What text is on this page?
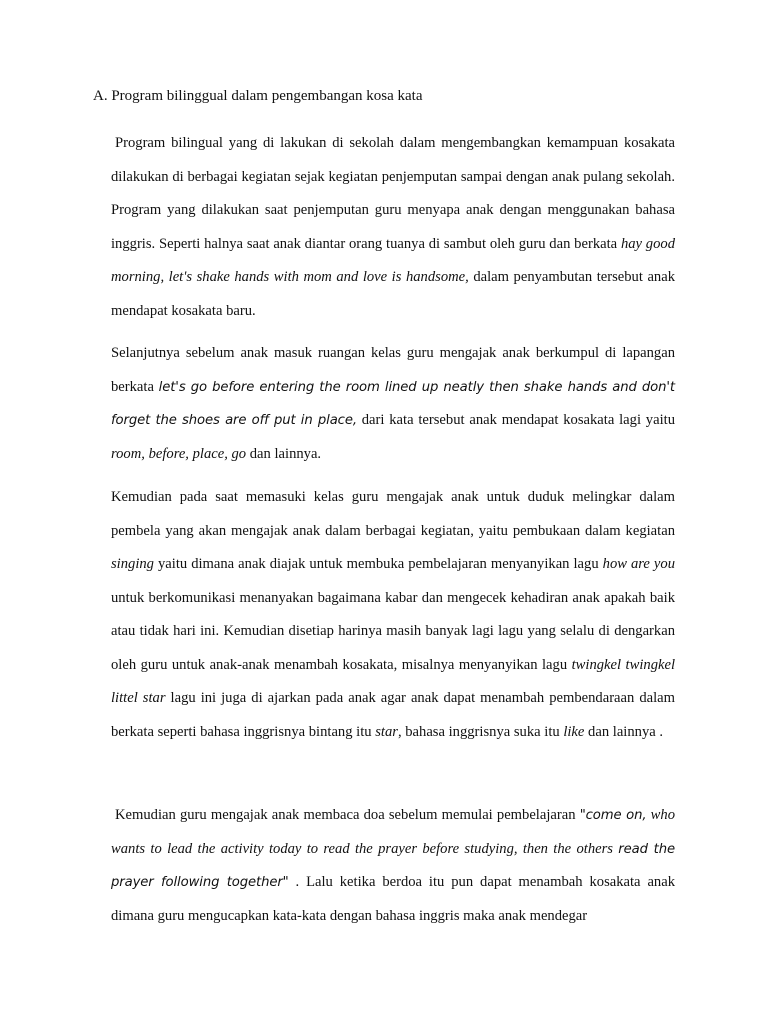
A. Program bilinggual dalam pengembangan kosa kata

Program bilingual yang di lakukan di sekolah dalam mengembangkan kemampuan kosakata dilakukan di berbagai kegiatan sejak kegiatan penjemputan sampai dengan anak pulang sekolah. Program yang dilakukan saat penjemputan guru menyapa anak dengan menggunakan bahasa inggris. Seperti halnya saat anak diantar orang tuanya di sambut oleh guru dan berkata hay good morning, let's shake hands with mom and love is handsome, dalam penyambutan tersebut anak mendapat kosakata baru.

Selanjutnya sebelum anak masuk ruangan kelas guru mengajak anak berkumpul di lapangan berkata let's go before entering the room lined up neatly then shake hands and don't forget the shoes are off put in place, dari kata tersebut anak mendapat kosakata lagi yaitu room, before, place, go dan lainnya.

Kemudian pada saat memasuki kelas guru mengajak anak untuk duduk melingkar dalam pembela yang akan mengajak anak dalam berbagai kegiatan, yaitu pembukaan dalam kegiatan singing yaitu dimana anak diajak untuk membuka pembelajaran menyanyikan lagu how are you untuk berkomunikasi menanyakan bagaimana kabar dan mengecek kehadiran anak apakah baik atau tidak hari ini. Kemudian disetiap harinya masih banyak lagi lagu yang selalu di dengarkan oleh guru untuk anak-anak menambah kosakata, misalnya menyanyikan lagu twingkel twingkel littel star lagu ini juga di ajarkan pada anak agar anak dapat menambah pembendaraan dalam berkata seperti bahasa inggrisnya bintang itu star, bahasa inggrisnya suka itu like dan lainnya .

Kemudian guru mengajak anak membaca doa sebelum memulai pembelajaran "come on, who wants to lead the activity today to read the prayer before studying, then the others read the prayer following together" . Lalu ketika berdoa itu pun dapat menambah kosakata anak dimana guru mengucapkan kata-kata dengan bahasa inggris maka anak mendegar
